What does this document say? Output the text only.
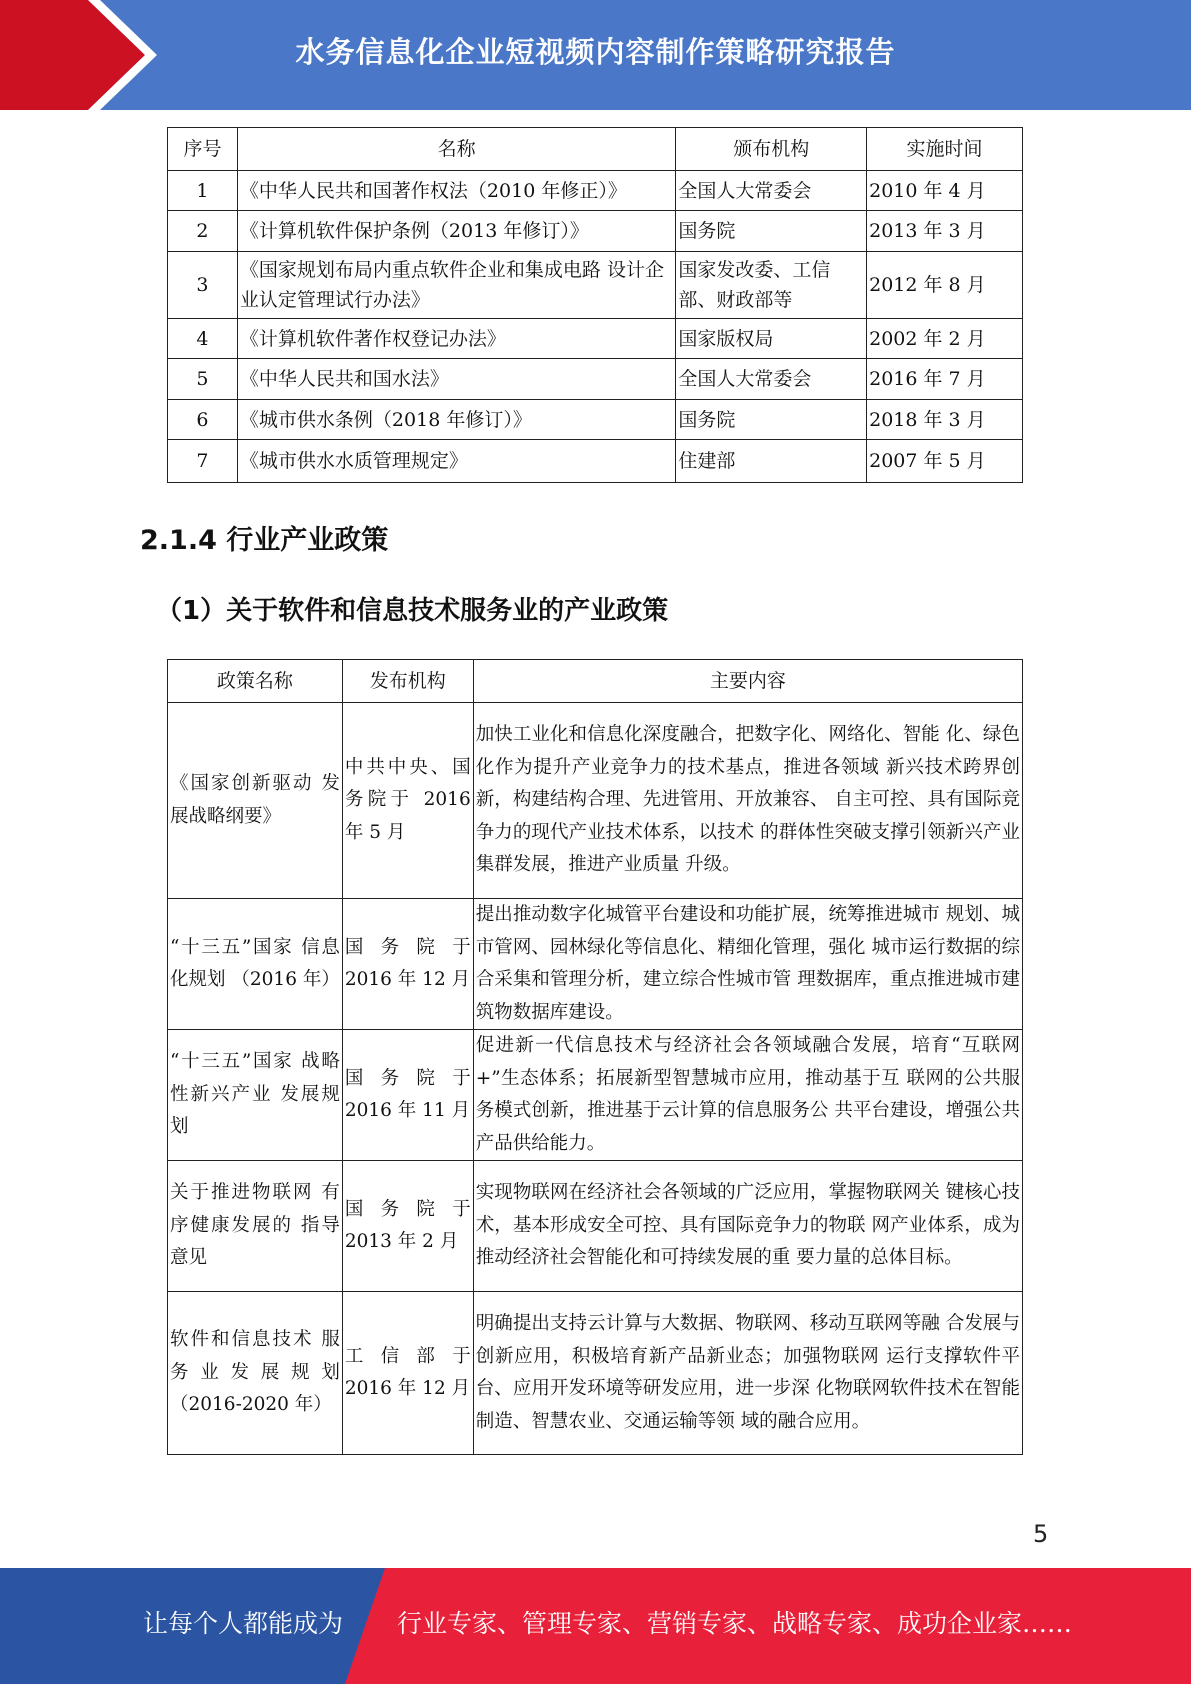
水务信息化企业短视频内容制作策略研究报告
序号	名称	颁布机构	实施时间
1	《中华人民共和国著作权法（2010 年修正）》	全国人大常委会	2010 年 4 月
2	《计算机软件保护条例（2013 年修订）》	国务院	2013 年 3 月
3	《国家规划布局内重点软件企业和集成电路 设计企业认定管理试行办法》	国家发改委、工信部、财政部等	2012 年 8 月
4	《计算机软件著作权登记办法》	国家版权局	2002 年 2 月
5	《中华人民共和国水法》	全国人大常委会	2016 年 7 月
6	《城市供水条例（2018 年修订）》	国务院	2018 年 3 月
7	《城市供水水质管理规定》	住建部	2007 年 5 月
2.1.4 行业产业政策
（1）关于软件和信息技术服务业的产业政策
政策名称	发布机构	主要内容
《国家创新驱动 发展战略纲要》	中共中央、国务院于 2016 年 5 月	加快工业化和信息化深度融合，把数字化、网络化、智能 化、绿色化作为提升产业竞争力的技术基点，推进各领域 新兴技术跨界创新，构建结构合理、先进管用、开放兼容、 自主可控、具有国际竞争力的现代产业技术体系，以技术 的群体性突破支撑引领新兴产业集群发展，推进产业质量 升级。
“十三五”国家 信息化规划 （2016 年）	国务院于 2016 年 12 月	提出推动数字化城管平台建设和功能扩展，统筹推进城市 规划、城市管网、园林绿化等信息化、精细化管理，强化 城市运行数据的综合采集和管理分析，建立综合性城市管 理数据库，重点推进城市建筑物数据库建设。
“十三五”国家 战略性新兴产业 发展规划	国务院于 2016 年 11 月	促进新一代信息技术与经济社会各领域融合发展，培育“互联网+”生态体系；拓展新型智慧城市应用，推动基于互 联网的公共服务模式创新，推进基于云计算的信息服务公 共平台建设，增强公共产品供给能力。
关于推进物联网 有序健康发展的 指导意见	国务院于 2013 年 2 月	实现物联网在经济社会各领域的广泛应用，掌握物联网关 键核心技术，基本形成安全可控、具有国际竞争力的物联 网产业体系，成为推动经济社会智能化和可持续发展的重 要力量的总体目标。
软件和信息技术 服务业发展规划 （2016-2020 年）	工信部于 2016 年 12 月	明确提出支持云计算与大数据、物联网、移动互联网等融 合发展与创新应用，积极培育新产品新业态；加强物联网 运行支撑软件平台、应用开发环境等研发应用，进一步深 化物联网软件技术在智能制造、智慧农业、交通运输等领 域的融合应用。
5
让每个人都能成为 行业专家、管理专家、营销专家、战略专家、成功企业家……
